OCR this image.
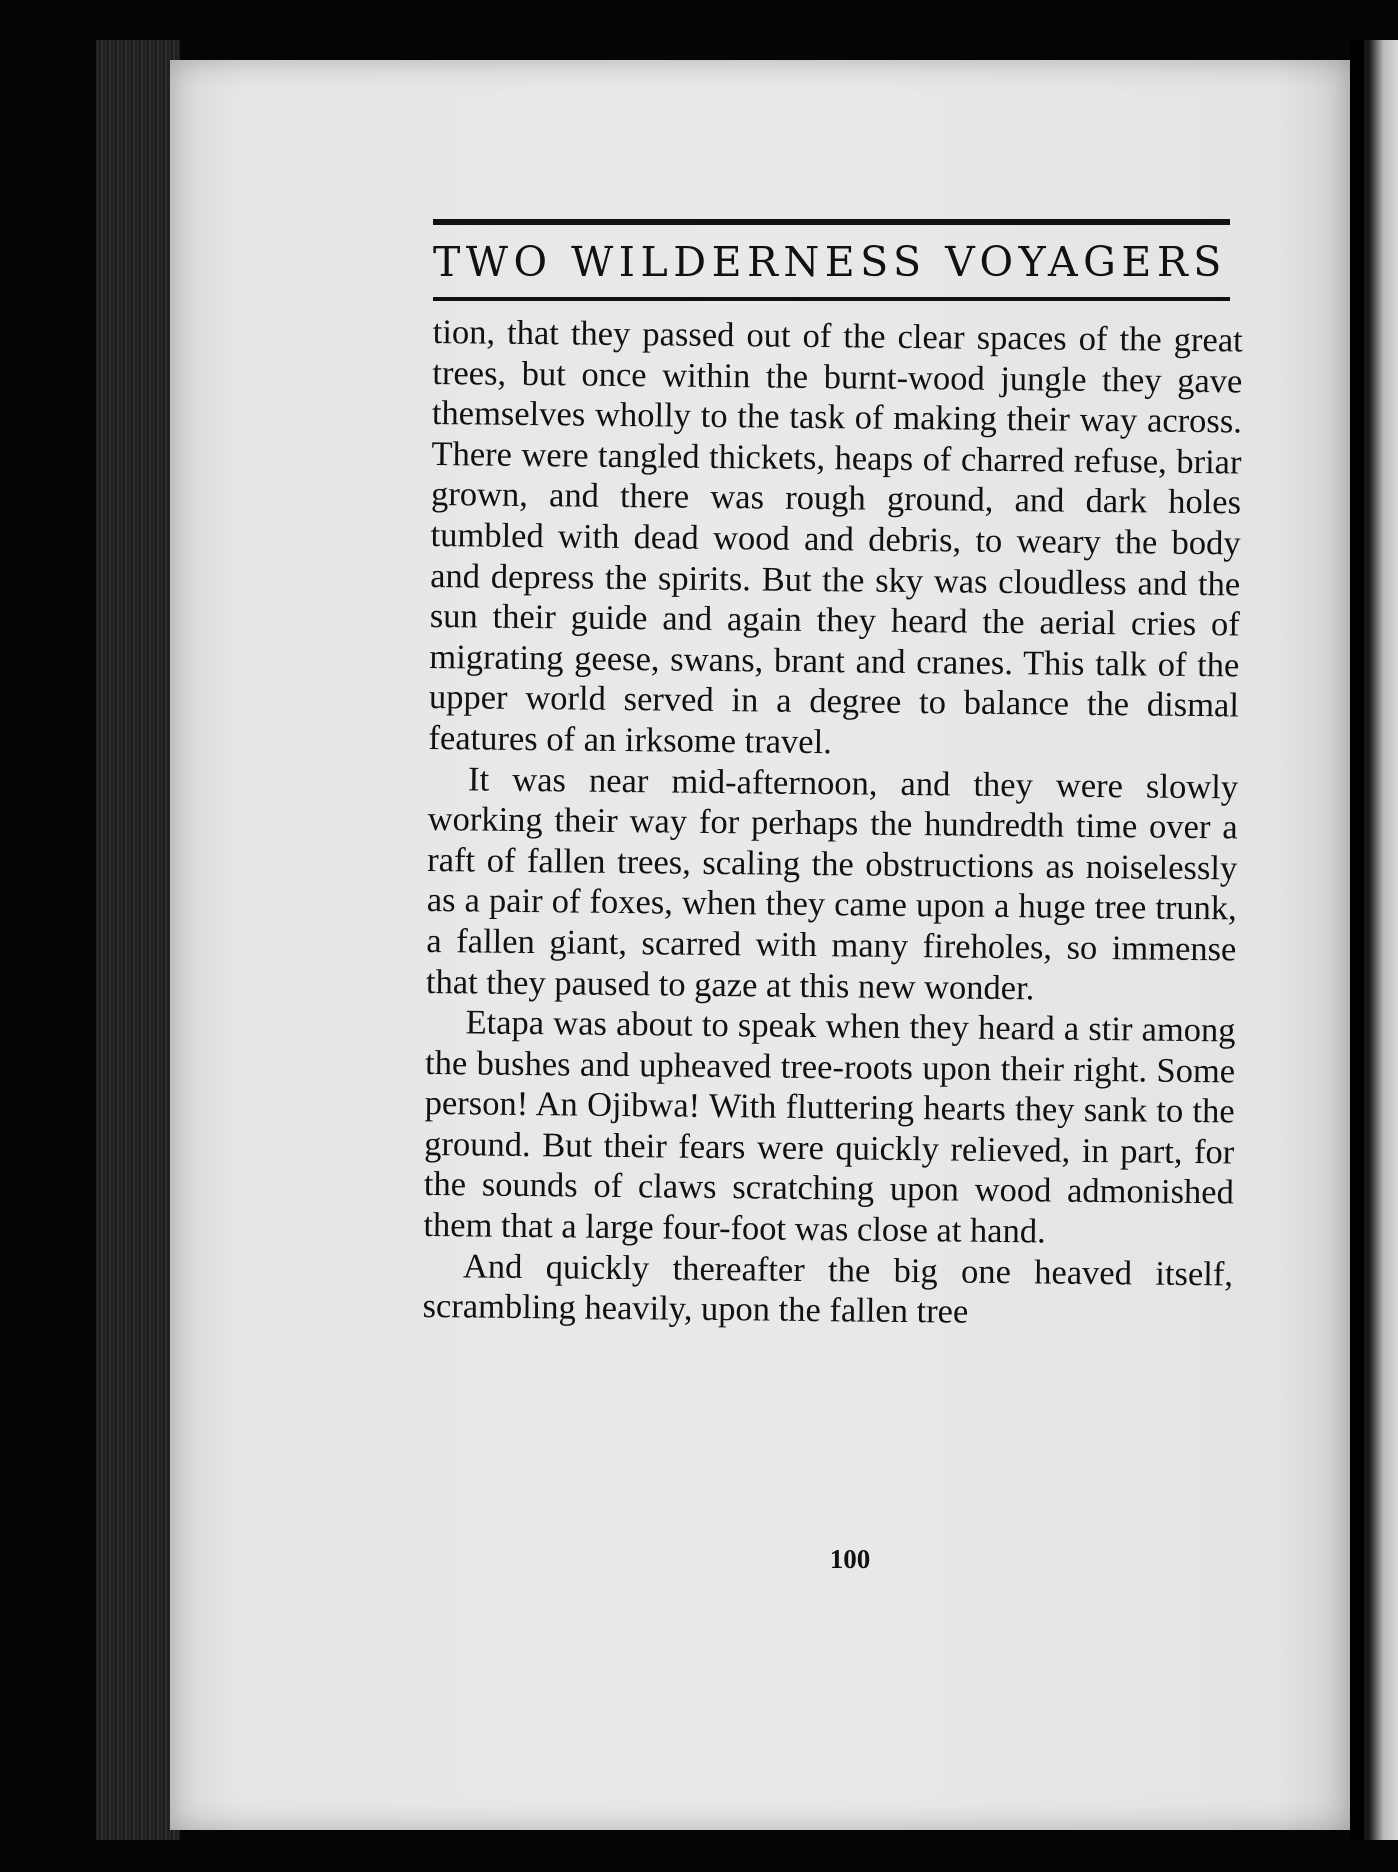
TWO WILDERNESS VOYAGERS

tion, that they passed out of the clear spaces of the great trees, but once within the burnt-wood jungle they gave themselves wholly to the task of making their way across. There were tangled thickets, heaps of charred refuse, briar grown, and there was rough ground, and dark holes tumbled with dead wood and debris, to weary the body and depress the spirits. But the sky was cloudless and the sun their guide and again they heard the aerial cries of migrating geese, swans, brant and cranes. This talk of the upper world served in a degree to balance the dismal features of an irksome travel.

It was near mid-afternoon, and they were slowly working their way for perhaps the hundredth time over a raft of fallen trees, scaling the obstructions as noiselessly as a pair of foxes, when they came upon a huge tree trunk, a fallen giant, scarred with many fireholes, so immense that they paused to gaze at this new wonder.

Etapa was about to speak when they heard a stir among the bushes and upheaved tree-roots upon their right. Some person! An Ojibwa! With fluttering hearts they sank to the ground. But their fears were quickly relieved, in part, for the sounds of claws scratching upon wood admonished them that a large four-foot was close at hand.

And quickly thereafter the big one heaved itself, scrambling heavily, upon the fallen tree

100
